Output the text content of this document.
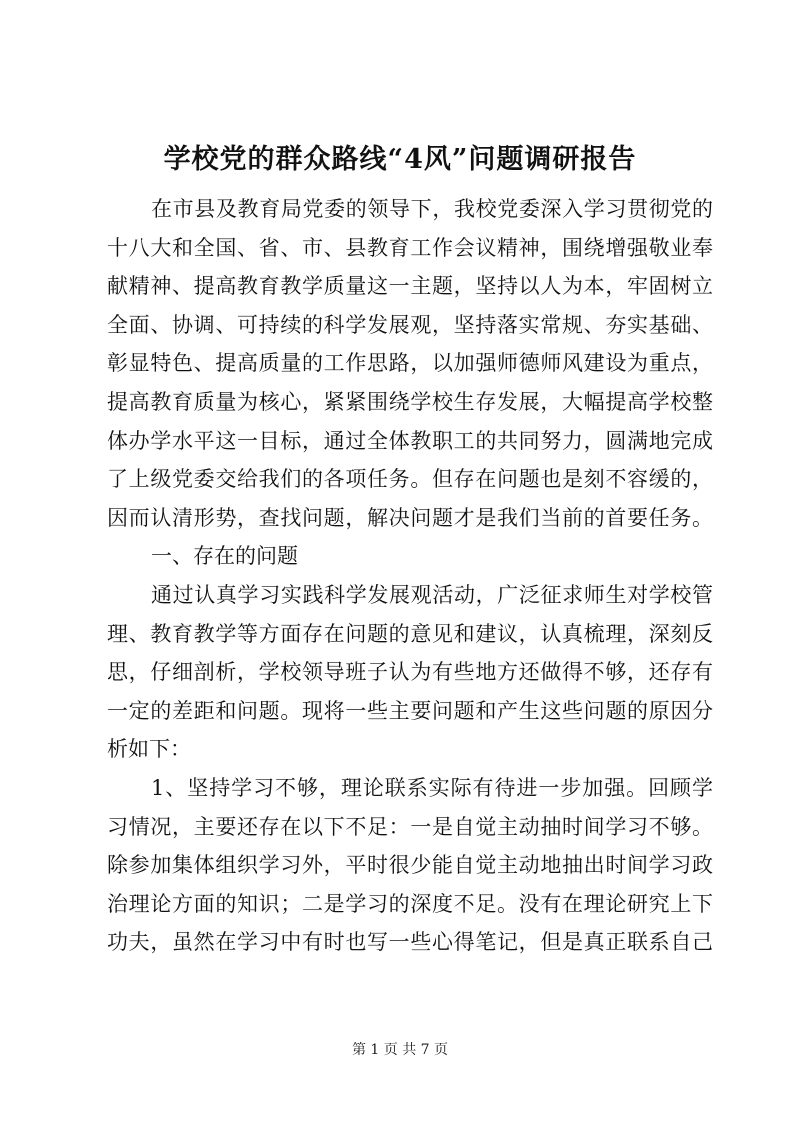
学校党的群众路线“4风”问题调研报告
在市县及教育局党委的领导下，我校党委深入学习贯彻党的
十八大和全国、省、市、县教育工作会议精神，围绕增强敬业奉
献精神、提高教育教学质量这一主题，坚持以人为本，牢固树立
全面、协调、可持续的科学发展观，坚持落实常规、夯实基础、
彰显特色、提高质量的工作思路，以加强师德师风建设为重点，
提高教育质量为核心，紧紧围绕学校生存发展，大幅提高学校整
体办学水平这一目标，通过全体教职工的共同努力，圆满地完成
了上级党委交给我们的各项任务。但存在问题也是刻不容缓的，
因而认清形势，查找问题，解决问题才是我们当前的首要任务。
一、存在的问题
通过认真学习实践科学发展观活动，广泛征求师生对学校管
理、教育教学等方面存在问题的意见和建议，认真梳理，深刻反
思，仔细剖析，学校领导班子认为有些地方还做得不够，还存有
一定的差距和问题。现将一些主要问题和产生这些问题的原因分
析如下：
1、坚持学习不够，理论联系实际有待进一步加强。回顾学
习情况，主要还存在以下不足：一是自觉主动抽时间学习不够。
除参加集体组织学习外，平时很少能自觉主动地抽出时间学习政
治理论方面的知识；二是学习的深度不足。没有在理论研究上下
功夫，虽然在学习中有时也写一些心得笔记，但是真正联系自己
第 1 页 共 7 页
